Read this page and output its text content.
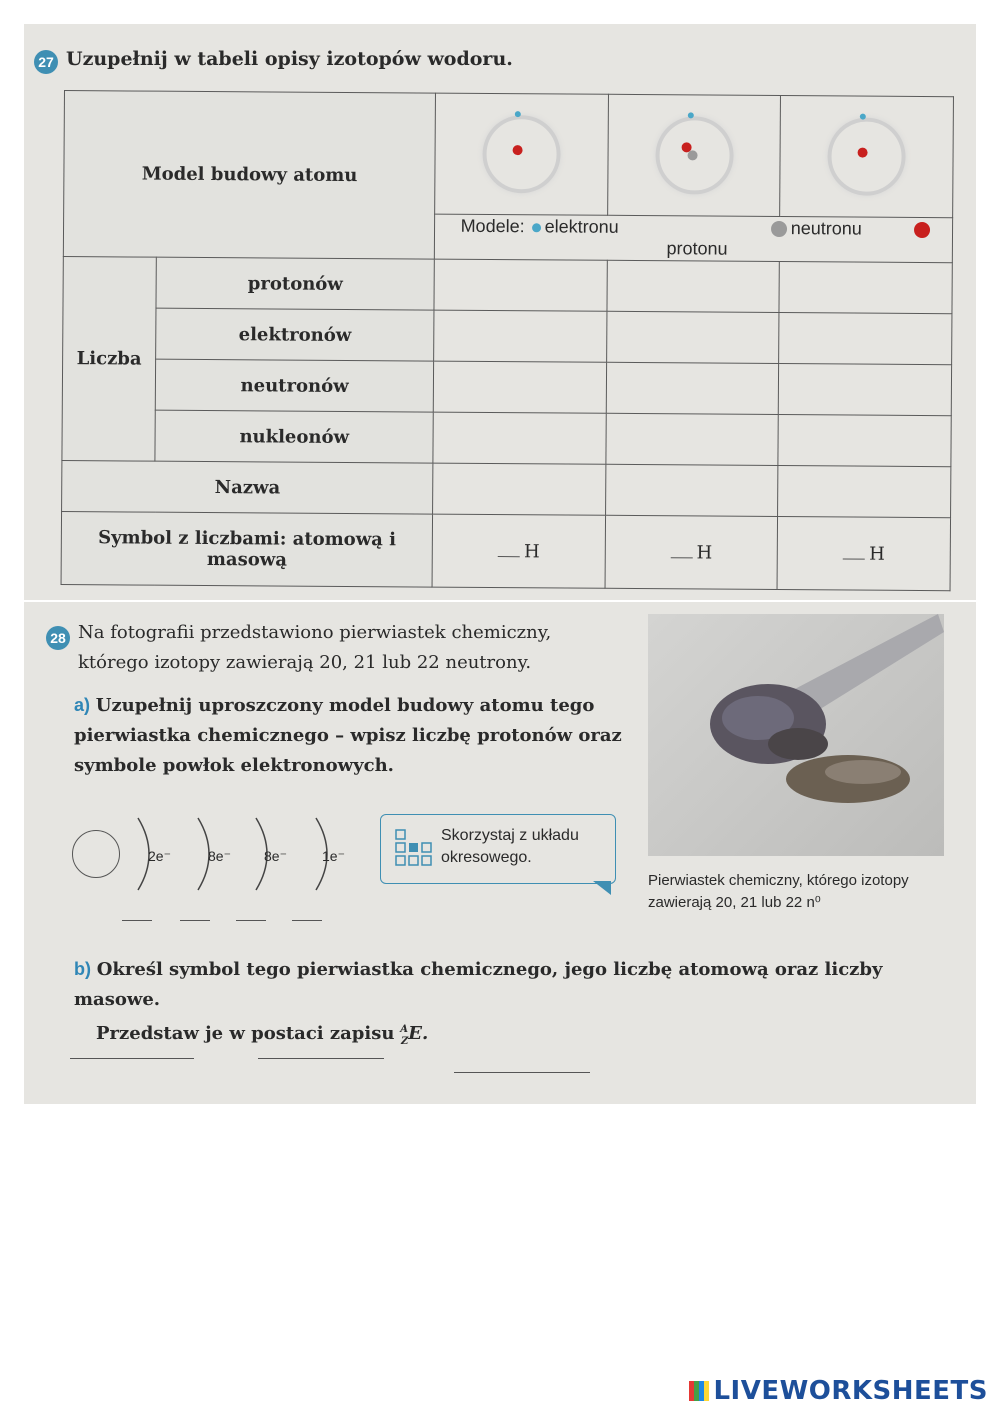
27 Uzupełnij w tabeli opisy izotopów wodoru.
Model budowy atomu		

		Modele: elektronu neutronu  protonu		
Liczba	protonów			
	elektronów			
	neutronów			
	nukleonów			
Nazwa				
Symbol z liczbami: atomową i masową		H	H	H
28 Na fotografii przedstawiono pierwiastek chemiczny, którego izotopy zawierają 20, 21 lub 22 neutrony.
a) Uzupełnij uproszczony model budowy atomu tego pierwiastka chemicznego – wpisz liczbę protonów oraz symbole powłok elektronowych.
2e⁻	8e⁻ 8e⁻	1e⁻
Skorzystaj z układu okresowego.
Pierwiastek chemiczny, którego izotopy zawierają 20, 21 lub 22 n⁰
b) Określ symbol tego pierwiastka chemicznego, jego liczbę atomową oraz liczby masowe.
Przedstaw je w postaci zapisu $^A_Z$E.
LIVEWORKSHEETS
